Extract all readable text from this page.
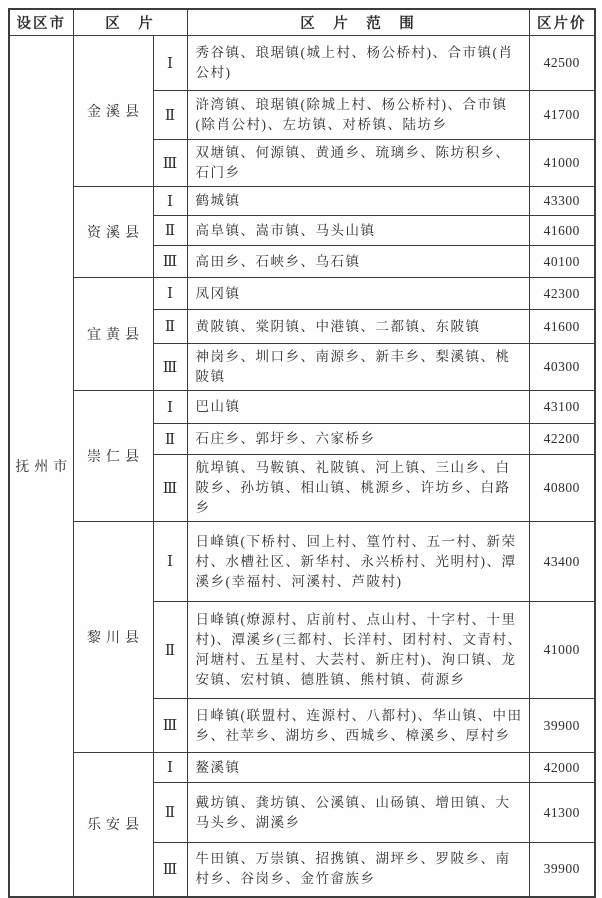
设区市	区　片		区　片　范　围	区片价
抚州市	金溪县	Ⅰ	秀谷镇、琅琚镇(城上村、杨公桥村)、合市镇(肖公村)	42500
		Ⅱ	浒湾镇、琅琚镇(除城上村、杨公桥村)、合市镇(除肖公村)、左坊镇、对桥镇、陆坊乡	41700
		Ⅲ	双塘镇、何源镇、黄通乡、琉璃乡、陈坊积乡、石门乡	41000
	资溪县	Ⅰ	鹤城镇	43300
		Ⅱ	高阜镇、嵩市镇、马头山镇	41600
		Ⅲ	高田乡、石峡乡、乌石镇	40100
	宜黄县	Ⅰ	凤冈镇	42300
		Ⅱ	黄陂镇、棠阴镇、中港镇、二都镇、东陂镇	41600
		Ⅲ	神岗乡、圳口乡、南源乡、新丰乡、梨溪镇、桃陂镇	40300
	崇仁县	Ⅰ	巴山镇	43100
		Ⅱ	石庄乡、郭圩乡、六家桥乡	42200
		Ⅲ	航埠镇、马鞍镇、礼陂镇、河上镇、三山乡、白陂乡、孙坊镇、相山镇、桃源乡、许坊乡、白路乡	40800
	黎川县	Ⅰ	日峰镇(下桥村、回上村、篁竹村、五一村、新荣村、水槽社区、新华村、永兴桥村、光明村)、潭溪乡(幸福村、河溪村、芦陂村)	43400
		Ⅱ	日峰镇(燎源村、店前村、点山村、十字村、十里村)、潭溪乡(三都村、长洋村、团村村、文青村、河塘村、五星村、大芸村、新庄村)、洵口镇、龙安镇、宏村镇、德胜镇、熊村镇、荷源乡	41000
		Ⅲ	日峰镇(联盟村、连源村、八都村)、华山镇、中田乡、社苹乡、湖坊乡、西城乡、樟溪乡、厚村乡	39900
	乐安县	Ⅰ	鳌溪镇	42000
		Ⅱ	戴坊镇、龚坊镇、公溪镇、山砀镇、增田镇、大马头乡、湖溪乡	41300
		Ⅲ	牛田镇、万崇镇、招携镇、湖坪乡、罗陂乡、南村乡、谷岗乡、金竹畲族乡	39900
